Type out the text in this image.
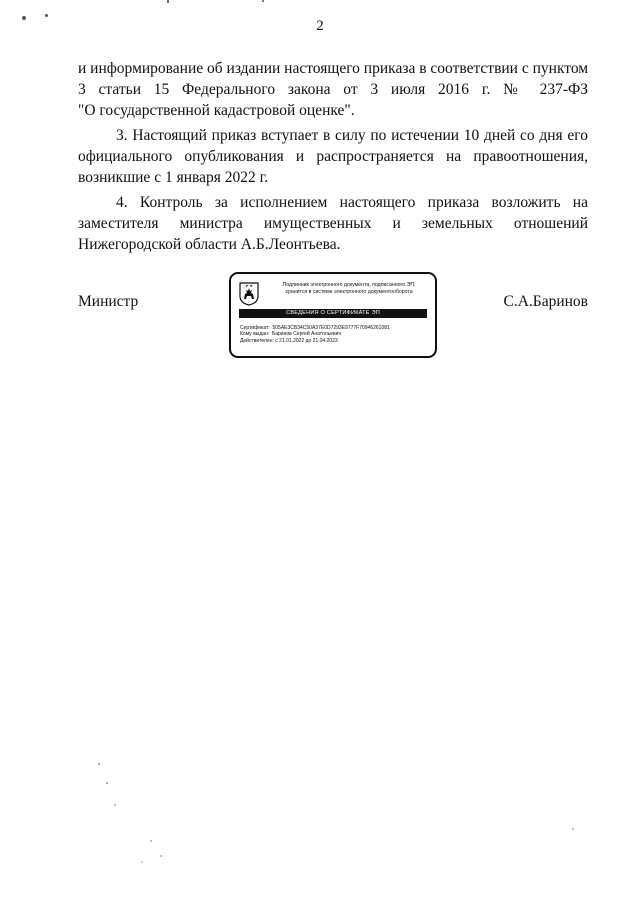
2
и информирование об издании настоящего приказа в соответствии с пунктом
3 статьи 15 Федерального закона от 3 июля 2016 г. № 237-ФЗ
"О государственной кадастровой оценке".
3. Настоящий приказ вступает в силу по истечении 10 дней со дня его
официального опубликования и распространяется на правоотношения,
возникшие с 1 января 2022 г.
4. Контроль за исполнением настоящего приказа возложить на
заместителя министра имущественных и земельных отношений
Нижегородской области А.Б.Леонтьева.
Министр	С.А.Баринов
Подлинник электронного документа, подписанного ЭП,
хранится в системе электронного документооборота
СВЕДЕНИЯ О СЕРТИФИКАТЕ ЭП
Сертификат: 505AE3CB34C50A37E0D7293E9777F70946261081
Кому выдан: Баринов Сергей Анатольевич
Действителен: с 21.01.2022 до 21.04.2023
